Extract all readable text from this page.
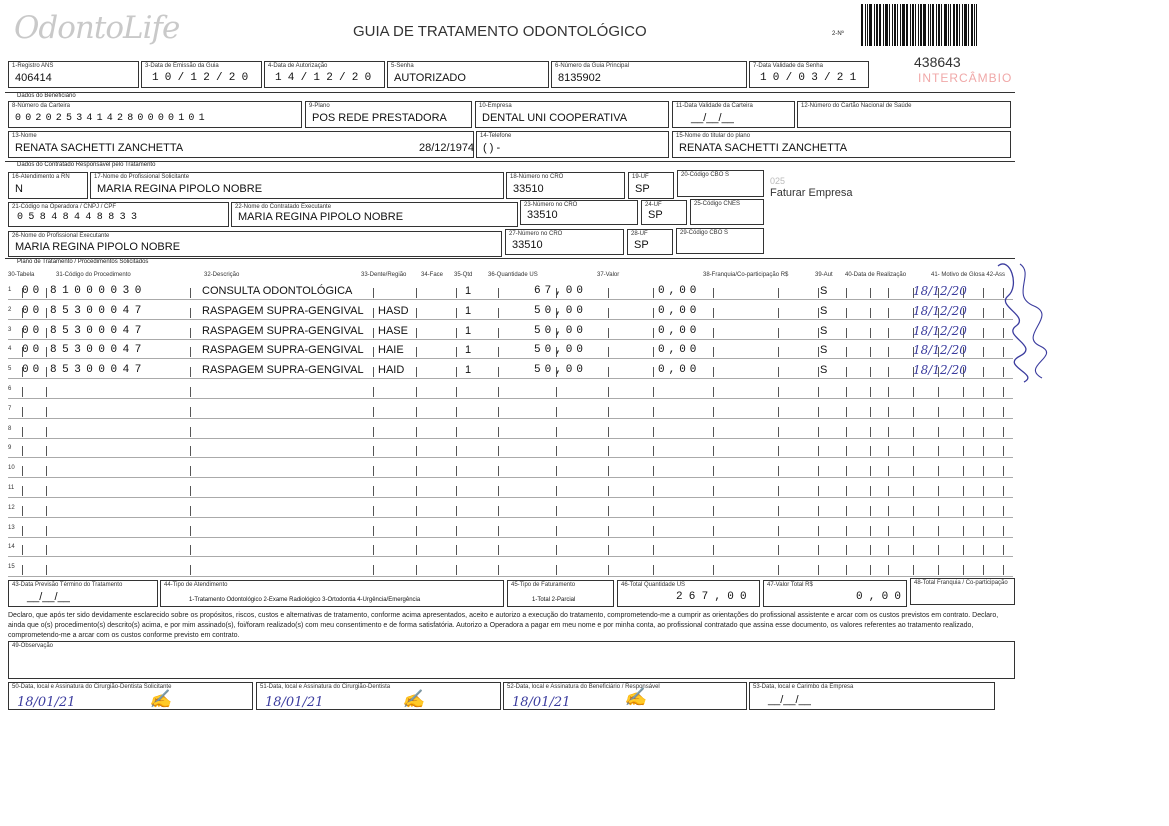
OdontoLife	GUIA DE TRATAMENTO ODONTOLÓGICO	2-Nº
438643
INTERCÂMBIO
1-Registro ANS
406414
3-Data de Emissão da Guia
10/12/20
4-Data de Autorização
14/12/20
5-Senha
AUTORIZADO
6-Número da Guia Principal
8135902
7-Data Validade da Senha
10/03/21
Dados do Beneficiário
8-Número da Carteira
0020253414280000101
9-Plano
POS REDE PRESTADORA
10-Empresa
DENTAL UNI COOPERATIVA
11-Data Validade da Carteira
__/__/__
12-Número do Cartão Nacional de Saúde
13-Nome
RENATA SACHETTI ZANCHETTA	28/12/1974
14-Telefone
( ) -
15-Nome do titular do plano
RENATA SACHETTI ZANCHETTA
Dados do Contratado Responsável pelo Tratamento
16-Atendimento a RN
N
17-Nome do Profissional Solicitante
MARIA REGINA PIPOLO NOBRE
18-Número no CRO
33510
19-UF
SP
20-Código CBO S
025
Faturar Empresa
21-Código na Operadora / CNPJ / CPF
05848448833
22-Nome do Contratado Executante
MARIA REGINA PIPOLO NOBRE
23-Número no CRO
33510
24-UF
SP
25-Código CNES
26-Nome do Profissional Executante
MARIA REGINA PIPOLO NOBRE
27-Número no CRO
33510
28-UF
SP
29-Código CBO S
Plano de Tratamento / Procedimentos Solicitados
30-Tabela	31-Código do Procedimento	32-Descrição	33-Dente/Região 34-Face 35-Qtd	36-Quantidade US	37-Valor	38-Franquia/Co-participação R$	39-Aut 40-Data de Realização	41- Motivo de Glosa 42-Ass
1 00 81000030	CONSULTA ODONTOLÓGICA	1	67,00	0,00	S	18/12/20
2 00 85300047	RASPAGEM SUPRA-GENGIVAL HASD	1	50,00	0,00	S	18/12/20
3 00 85300047	RASPAGEM SUPRA-GENGIVAL HASE	1	50,00	0,00	S	18/12/20
4 00 85300047	RASPAGEM SUPRA-GENGIVAL HAIE	1	50,00	0,00	S	18/12/20
5 00 85300047	RASPAGEM SUPRA-GENGIVAL HAID	1	50,00	0,00	S	18/12/20
6
7
8
9
10
11
12
13
14
15
43-Data Previsão Término do Tratamento
__/__/__
44-Tipo de Atendimento
1-Tratamento Odontológico 2-Exame Radiológico 3-Ortodontia 4-Urgência/Emergência
45-Tipo de Faturamento
1-Total 2-Parcial
46-Total Quantidade US
267,00
47-Valor Total R$
0,00
48-Total Franquia / Co-participação
Declaro, que após ter sido devidamente esclarecido sobre os propósitos, riscos, custos e alternativas de tratamento, conforme acima apresentados, aceito e autorizo a execução do tratamento, comprometendo-me a cumprir as orientações do profissional assistente e arcar com os custos previstos em contrato. Declaro, ainda que o(s) procedimento(s) descrito(s) acima, e por mim assinado(s), foi/foram realizado(s) com meu consentimento e de forma satisfatória. Autorizo a Operadora a pagar em meu nome e por minha conta, ao profissional contratado que assina esse documento, os valores referentes ao tratamento realizado, comprometendo-me a arcar com os custos conforme previsto em contrato.
49-Observação
50-Data, local e Assinatura do Cirurgião-Dentista Solicitante
18/01/21	✍
51-Data, local e Assinatura do Cirurgião-Dentista
18/01/21	✍
52-Data, local e Assinatura do Beneficiário / Responsável
18/01/21	✍	53-Data, local e Carimbo da Empresa
__/__/__
